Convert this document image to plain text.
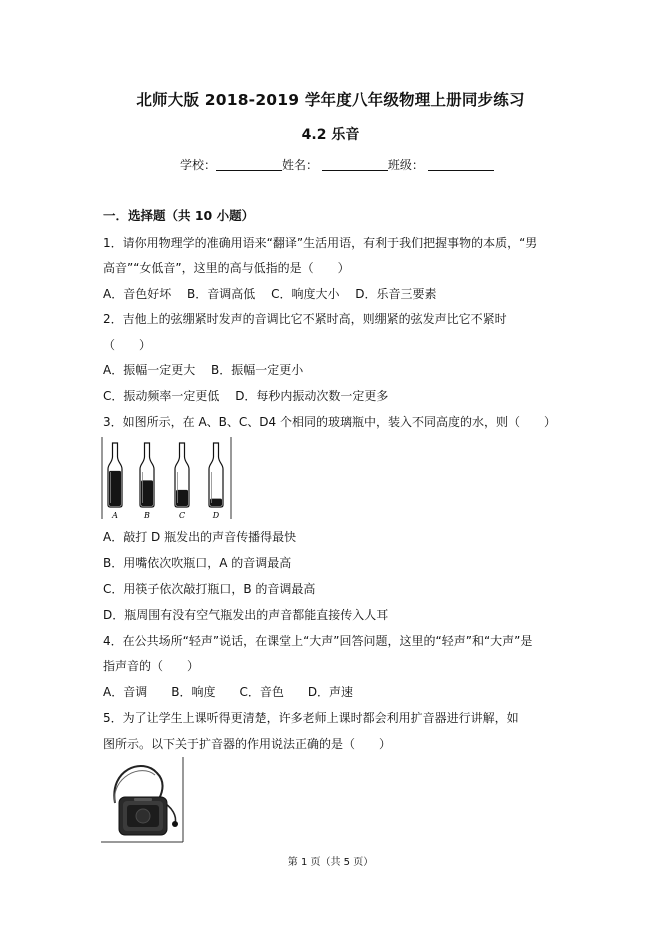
北师大版 2018-2019 学年度八年级物理上册同步练习
4.2 乐音
学校：	姓名：	班级：
一．选择题（共 10 小题）
1．请你用物理学的准确用语来“翻译”生活用语，有利于我们把握事物的本质，“男
高音”“女低音”，这里的高与低指的是（　　）
A．音色好坏　 B．音调高低　 C．响度大小　 D．乐音三要素
2．吉他上的弦绷紧时发声的音调比它不紧时高，则绷紧的弦发声比它不紧时
（　　）
A．振幅一定更大　 B．振幅一定更小
C．振动频率一定更低　 D．每秒内振动次数一定更多
3．如图所示，在 A、B、C、D4 个相同的玻璃瓶中，装入不同高度的水，则（　　）
A	B	C	D
A．敲打 D 瓶发出的声音传播得最快
B．用嘴依次吹瓶口，A 的音调最高
C．用筷子依次敲打瓶口，B 的音调最高
D．瓶周围有没有空气瓶发出的声音都能直接传入人耳
4．在公共场所“轻声”说话，在课堂上“大声”回答问题，这里的“轻声”和“大声”是
指声音的（　　）
A．音调　　B．响度　　C．音色　　D．声速
5．为了让学生上课听得更清楚，许多老师上课时都会利用扩音器进行讲解，如
图所示。以下关于扩音器的作用说法正确的是（　　）
第 1 页（共 5 页）
